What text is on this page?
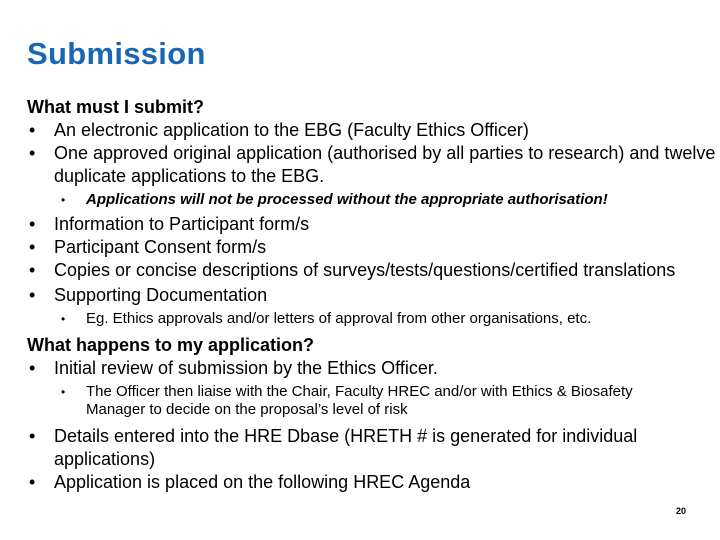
Submission

What must I submit?

• An electronic application to the EBG (Faculty Ethics Officer)

• One approved original application (authorised by all parties to research) and twelve duplicate applications to the EBG.

• Applications will not be processed without the appropriate authorisation!

• Information to Participant form/s

• Participant Consent form/s

• Copies or concise descriptions of surveys/tests/questions/certified translations

• Supporting Documentation

• Eg. Ethics approvals and/or letters of approval from other organisations, etc.

What happens to my application?

• Initial review of submission by the Ethics Officer.

• The Officer then liaise with the Chair, Faculty HREC and/or with Ethics & Biosafety Manager to decide on the proposal’s level of risk

• Details entered into the HRE Dbase (HRETH # is generated for individual applications)

• Application is placed on the following HREC Agenda

20
